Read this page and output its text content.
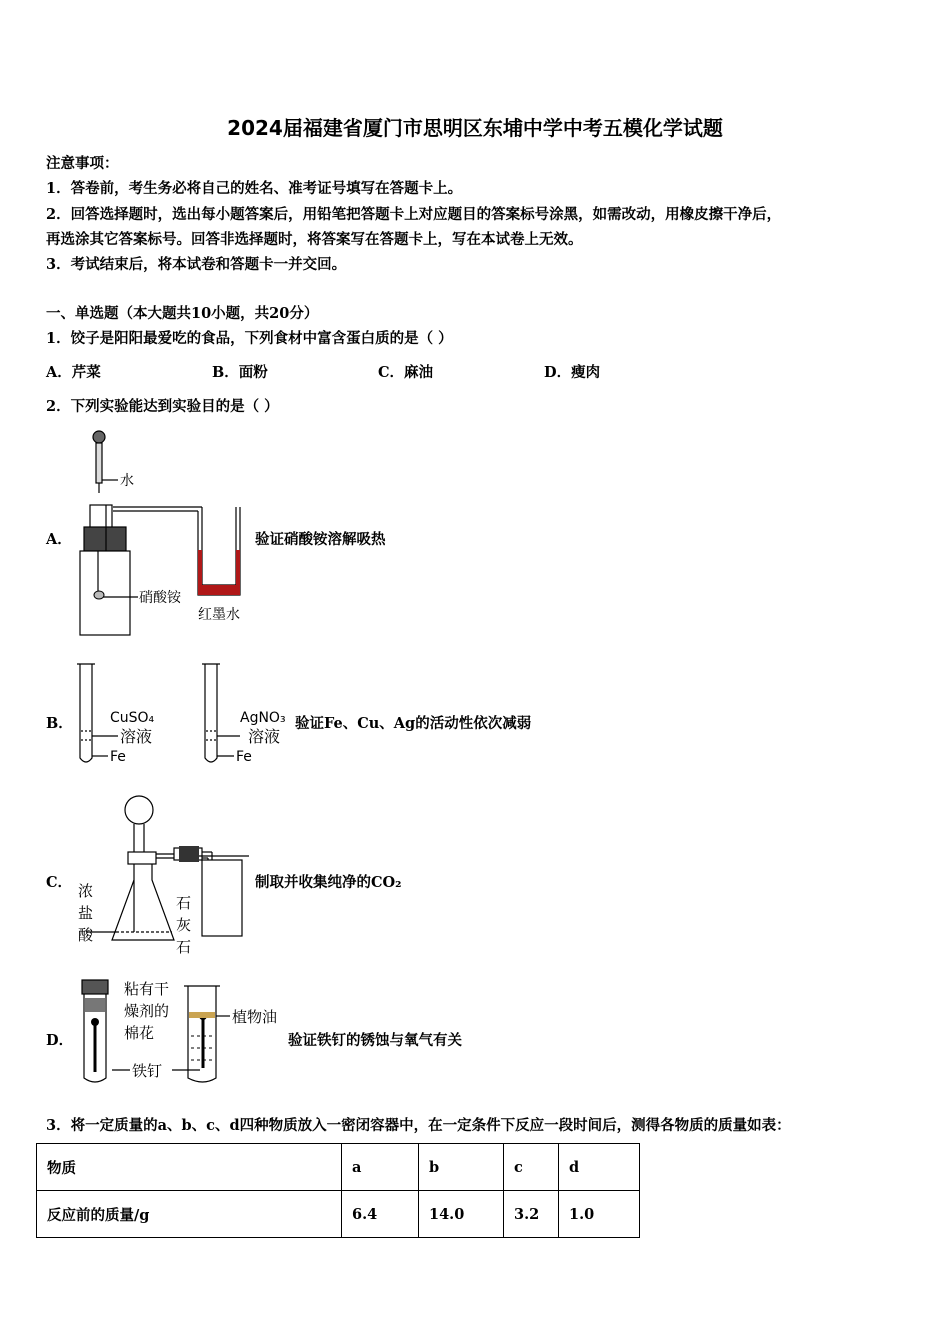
2024届福建省厦门市思明区东埔中学中考五模化学试题
注意事项：
1．答卷前，考生务必将自己的姓名、准考证号填写在答题卡上。
2．回答选择题时，选出每小题答案后，用铅笔把答题卡上对应题目的答案标号涂黑，如需改动，用橡皮擦干净后，
再选涂其它答案标号。回答非选择题时，将答案写在答题卡上，写在本试卷上无效。
3．考试结束后，将本试卷和答题卡一并交回。
一、单选题（本大题共10小题，共20分）
1．饺子是阳阳最爱吃的食品，下列食材中富含蛋白质的是（ ）
A．芹菜	B．面粉	C．麻油	D．瘦肉
2．下列实验能达到实验目的是（ ）
A．
水
硝酸铵
红墨水
验证硝酸铵溶解吸热
B．	CuSO₄
溶液
Fe
AgNO₃
溶液
Fe
验证Fe、Cu、Ag的活动性依次减弱
C． 浓
盐
酸
石
灰
石
制取并收集纯净的CO₂
D．
粘有干
燥剂的
棉花
植物油
铁钉
验证铁钉的锈蚀与氧气有关
3．将一定质量的a、b、c、d四种物质放入一密闭容器中，在一定条件下反应一段时间后，测得各物质的质量如表：
物质	a	b	c	d
反应前的质量/g	6.4	14.0	3.2	1.0
